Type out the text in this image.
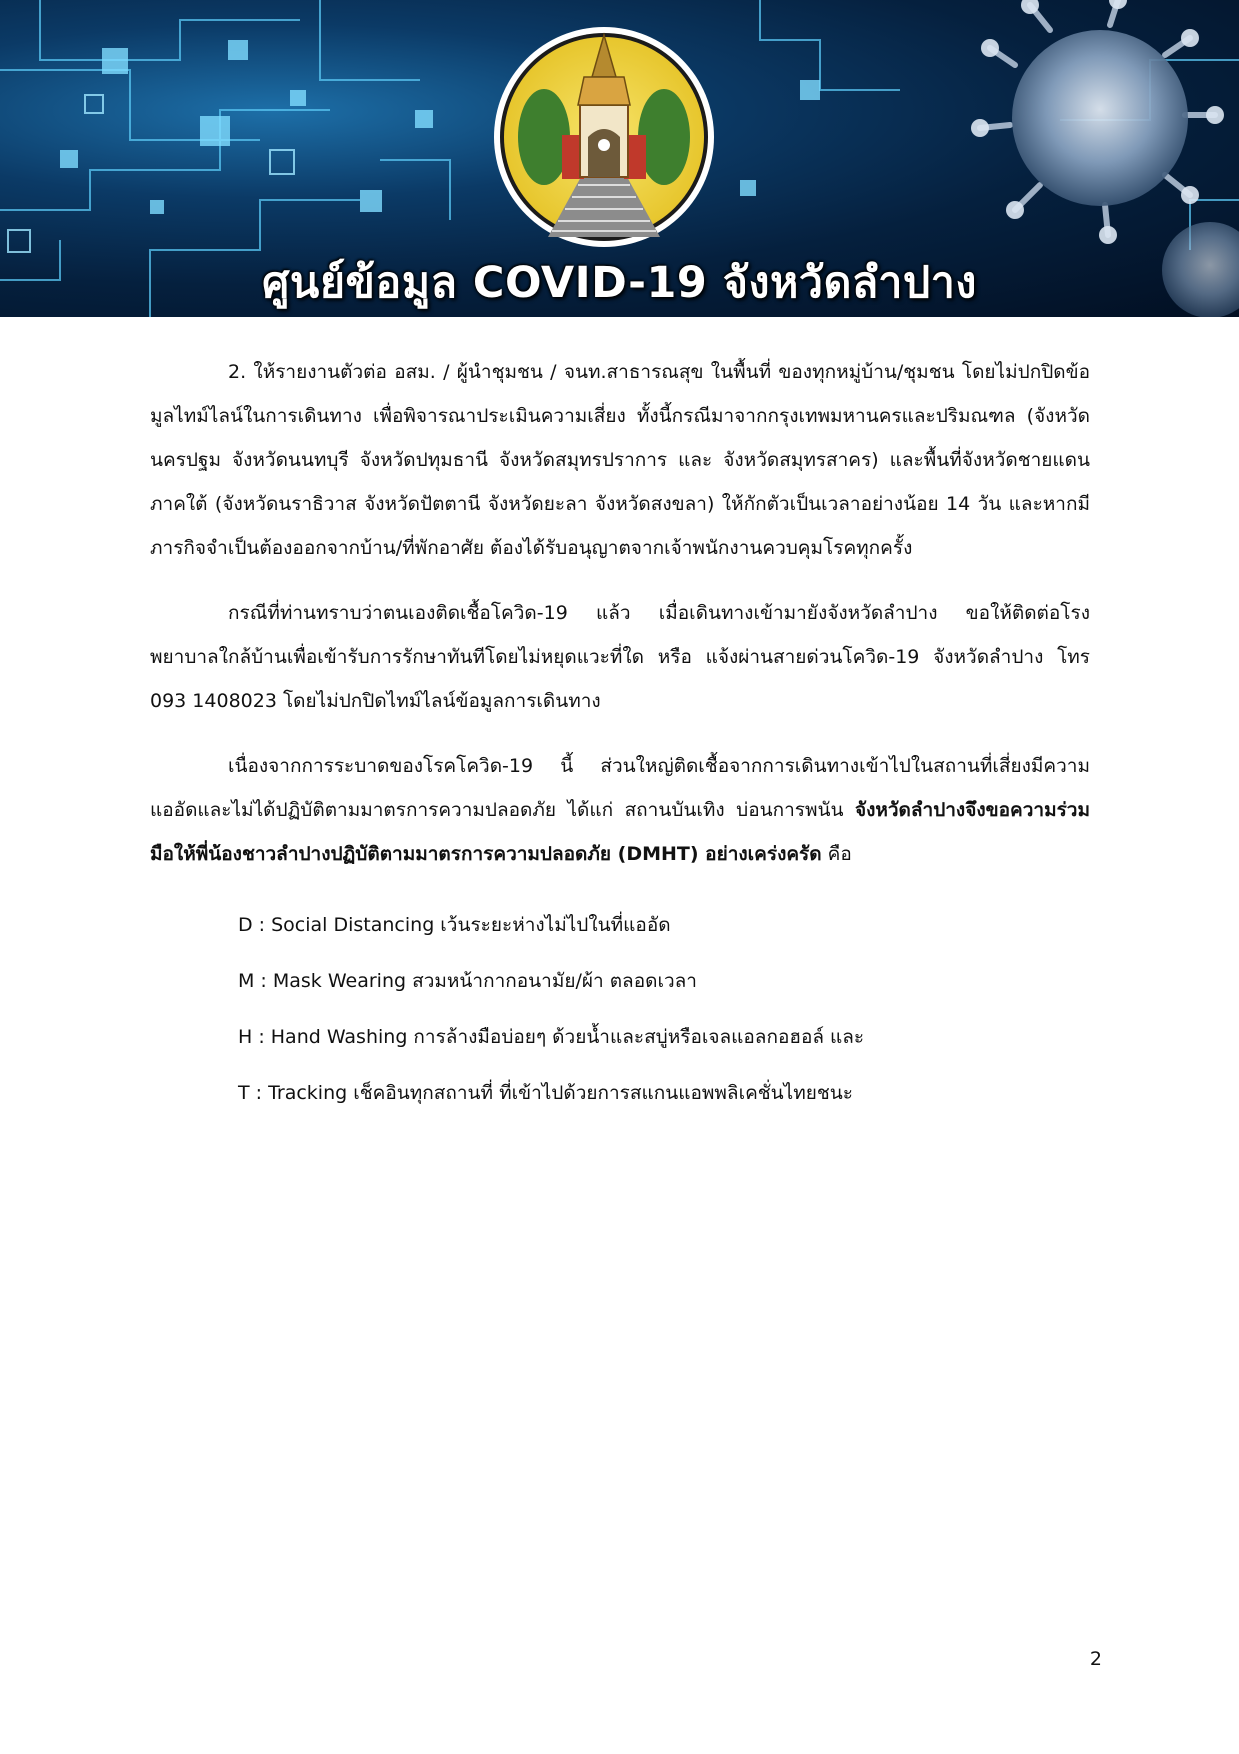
ศูนย์ข้อมูล COVID-19 จังหวัดลำปาง

2. ให้รายงานตัวต่อ อสม. / ผู้นำชุมชน / จนท.สาธารณสุข ในพื้นที่ ของทุกหมู่บ้าน/ชุมชน โดยไม่ปกปิดข้อมูลไทม์ไลน์ในการเดินทาง เพื่อพิจารณาประเมินความเสี่ยง ทั้งนี้กรณีมาจากกรุงเทพมหานครและปริมณฑล (จังหวัดนครปฐม จังหวัดนนทบุรี จังหวัดปทุมธานี จังหวัดสมุทรปราการ และ จังหวัดสมุทรสาคร) และพื้นที่จังหวัดชายแดนภาคใต้ (จังหวัดนราธิวาส จังหวัดปัตตานี จังหวัดยะลา จังหวัดสงขลา) ให้กักตัวเป็นเวลาอย่างน้อย 14 วัน และหากมีภารกิจจำเป็นต้องออกจากบ้าน/ที่พักอาศัย ต้องได้รับอนุญาตจากเจ้าพนักงานควบคุมโรคทุกครั้ง

กรณีที่ท่านทราบว่าตนเองติดเชื้อโควิด-19 แล้ว เมื่อเดินทางเข้ามายังจังหวัดลำปาง ขอให้ติดต่อโรงพยาบาลใกล้บ้านเพื่อเข้ารับการรักษาทันทีโดยไม่หยุดแวะที่ใด หรือ แจ้งผ่านสายด่วนโควิด-19 จังหวัดลำปาง โทร 093 1408023 โดยไม่ปกปิดไทม์ไลน์ข้อมูลการเดินทาง

เนื่องจากการระบาดของโรคโควิด-19 นี้ ส่วนใหญ่ติดเชื้อจากการเดินทางเข้าไปในสถานที่เสี่ยงมีความแออัดและไม่ได้ปฏิบัติตามมาตรการความปลอดภัย ได้แก่ สถานบันเทิง บ่อนการพนัน จังหวัดลำปางจึงขอความร่วมมือให้พี่น้องชาวลำปางปฏิบัติตามมาตรการความปลอดภัย (DMHT) อย่างเคร่งครัด คือ

D : Social Distancing เว้นระยะห่างไม่ไปในที่แออัด
M : Mask Wearing สวมหน้ากากอนามัย/ผ้า ตลอดเวลา
H : Hand Washing การล้างมือบ่อยๆ ด้วยน้ำและสบู่หรือเจลแอลกอฮอล์ และ
T : Tracking เช็คอินทุกสถานที่ ที่เข้าไปด้วยการสแกนแอพพลิเคชั่นไทยชนะ
2
